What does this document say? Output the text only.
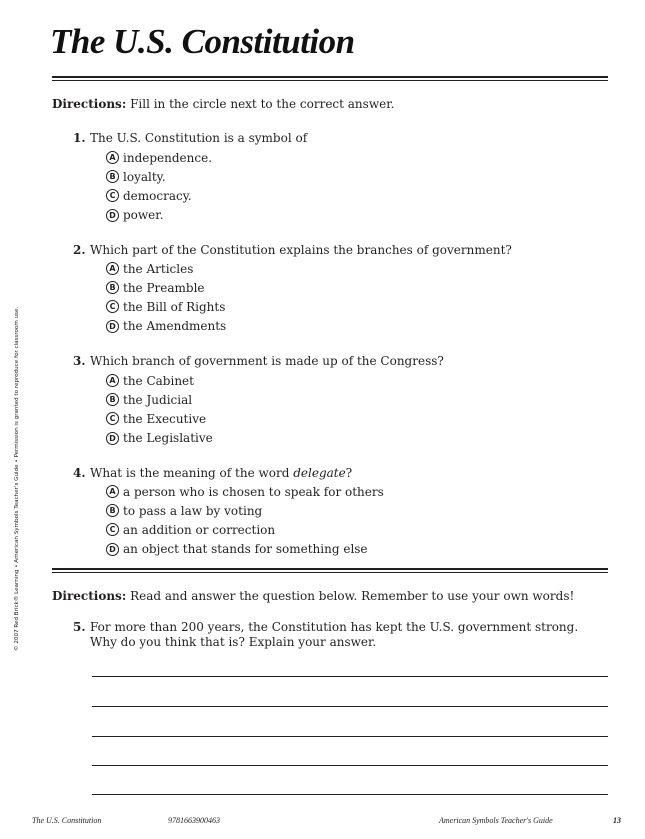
The U.S. Constitution
Directions: Fill in the circle next to the correct answer.
1. The U.S. Constitution is a symbol of
A independence.
B loyalty.
C democracy.
D power.
2. Which part of the Constitution explains the branches of government?
A the Articles
B the Preamble
C the Bill of Rights
D the Amendments
3. Which branch of government is made up of the Congress?
A the Cabinet
B the Judicial
C the Executive
D the Legislative
4. What is the meaning of the word delegate?
A a person who is chosen to speak for others
B to pass a law by voting
C an addition or correction
D an object that stands for something else
Directions: Read and answer the question below. Remember to use your own words!
5. For more than 200 years, the Constitution has kept the U.S. government strong. Why do you think that is? Explain your answer.
© 2007 Red Brick® Learning • American Symbols Teacher's Guide • Permission is granted to reproduce for classroom use.
The U.S. Constitution	9781663900463	American Symbols Teacher's Guide	13
